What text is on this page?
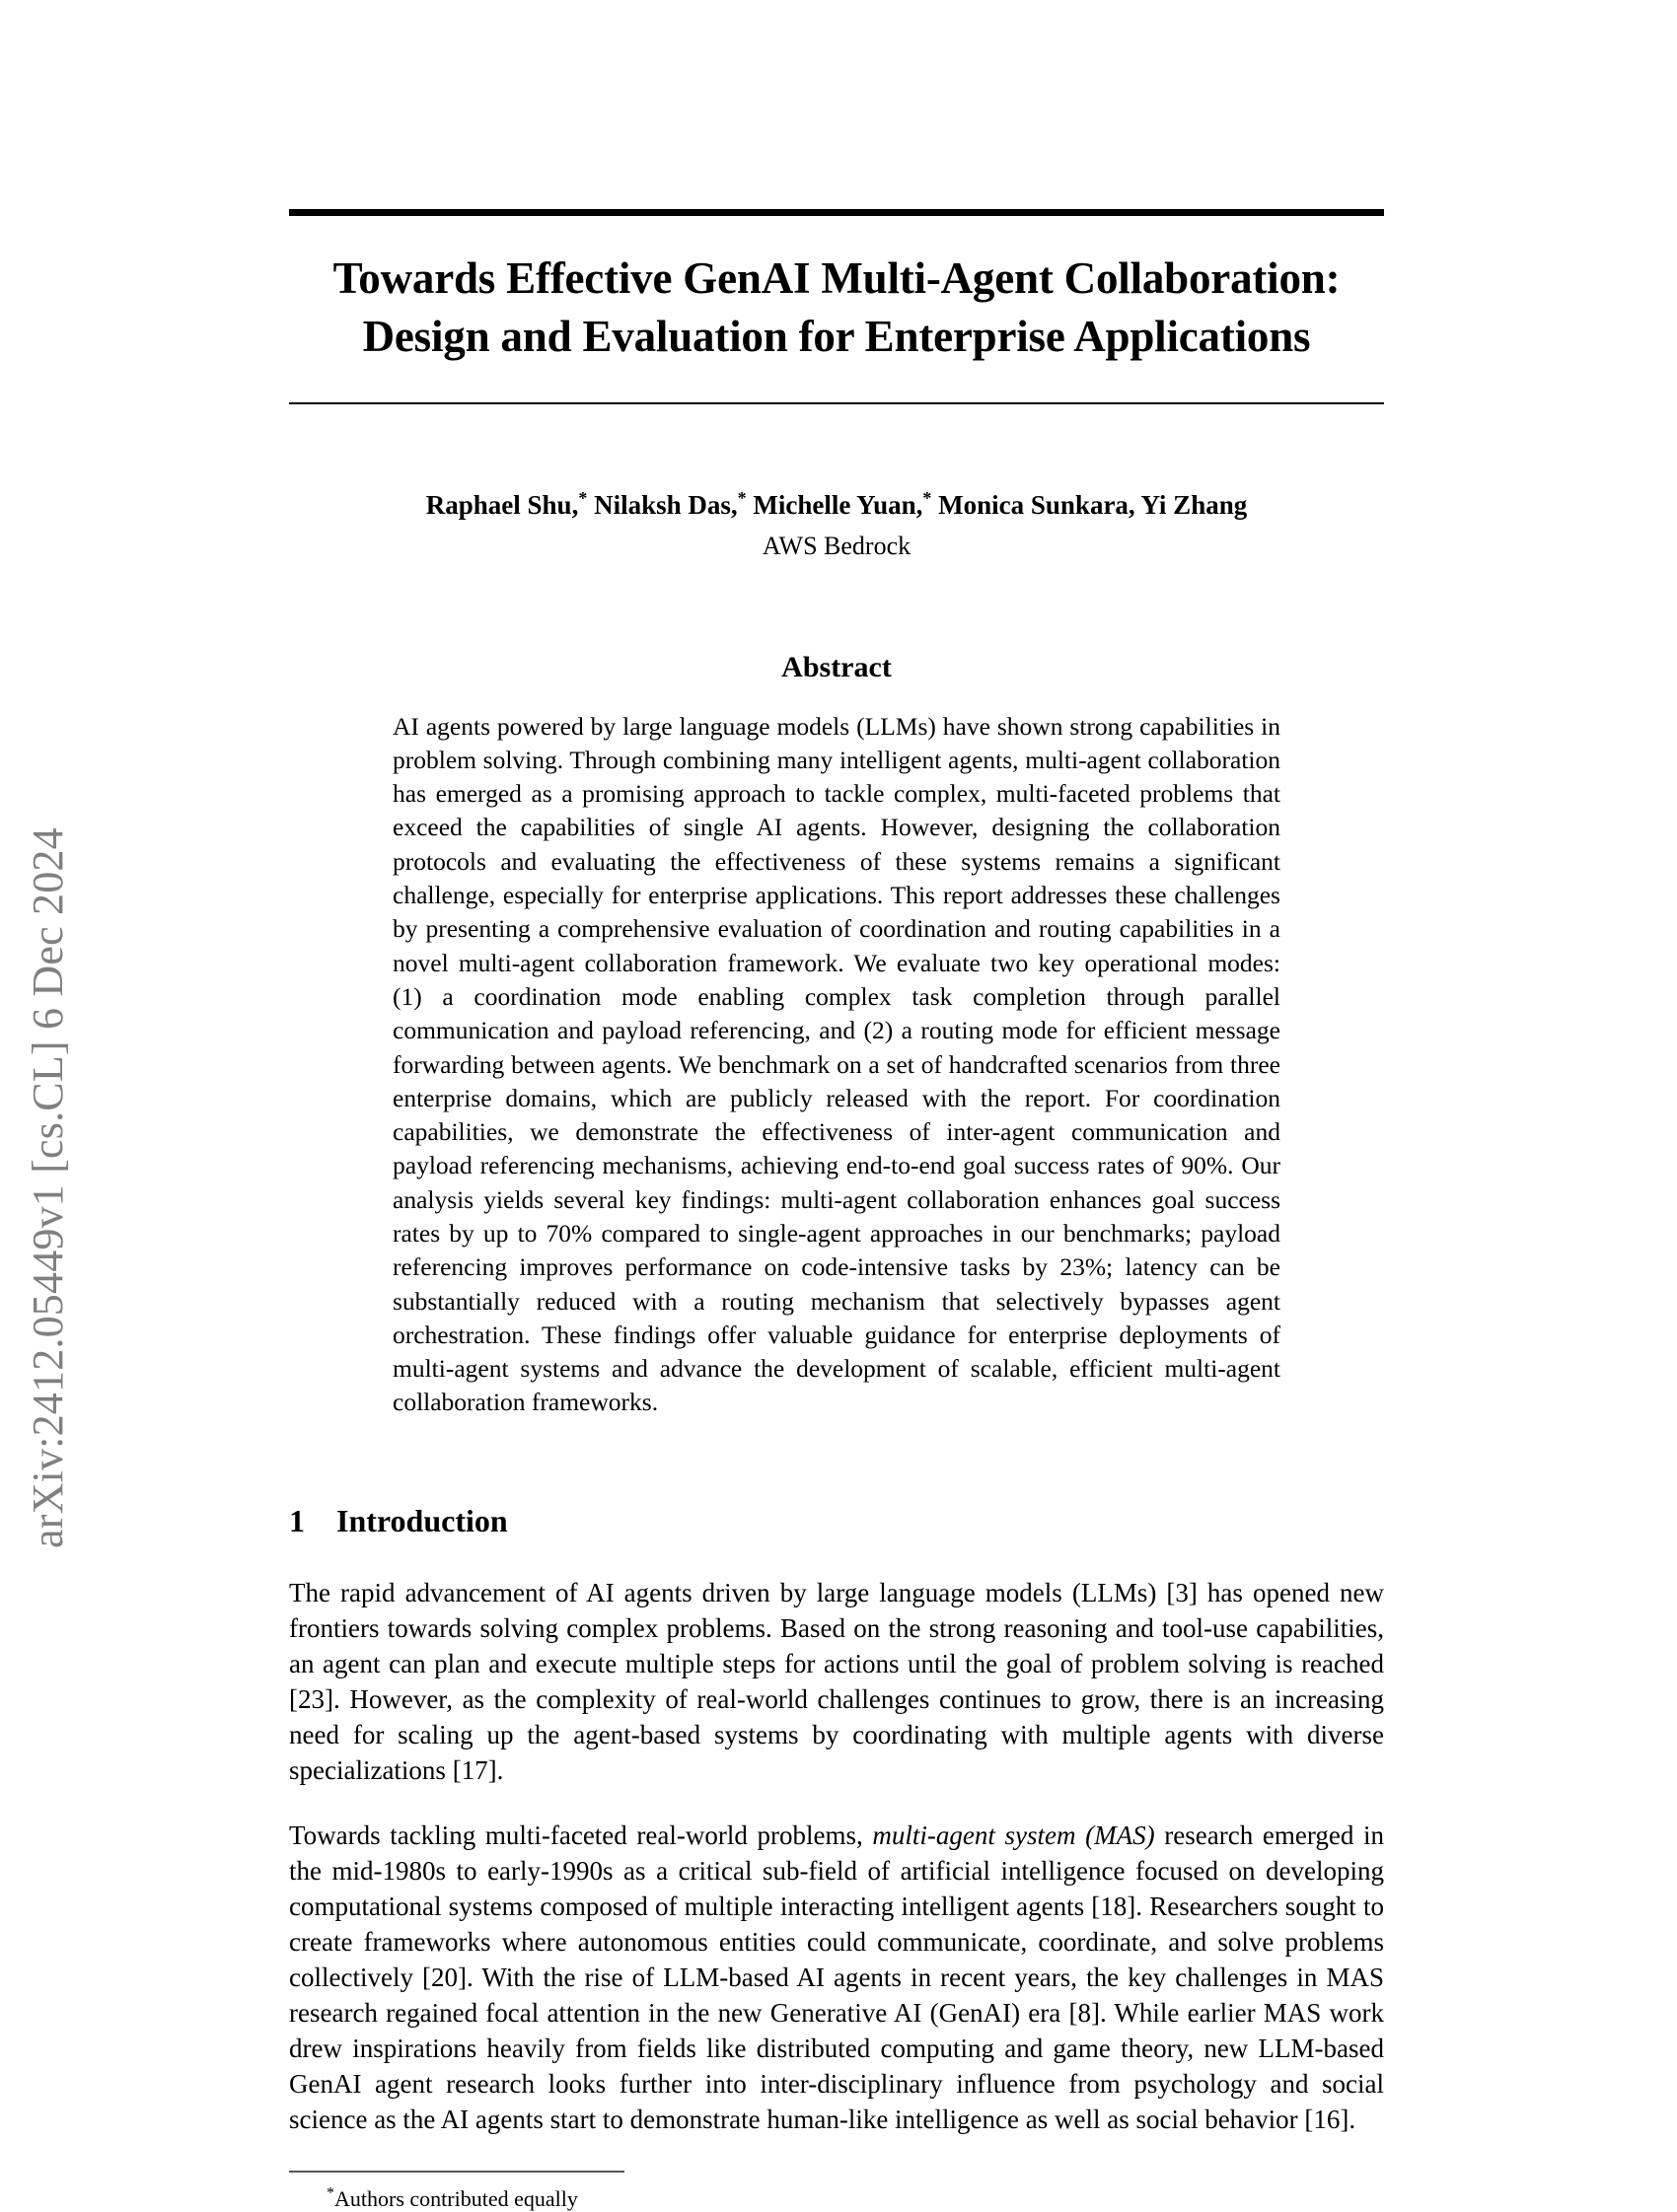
arXiv:2412.05449v1 [cs.CL] 6 Dec 2024
Towards Effective GenAI Multi-Agent Collaboration:
Design and Evaluation for Enterprise Applications
Raphael Shu,* Nilaksh Das,* Michelle Yuan,* Monica Sunkara, Yi Zhang
AWS Bedrock
Abstract

AI agents powered by large language models (LLMs) have shown strong capabilities in problem solving. Through combining many intelligent agents, multi-agent collaboration has emerged as a promising approach to tackle complex, multi-faceted problems that exceed the capabilities of single AI agents. However, designing the collaboration protocols and evaluating the effectiveness of these systems remains a significant challenge, especially for enterprise applications. This report addresses these challenges by presenting a comprehensive evaluation of coordination and routing capabilities in a novel multi-agent collaboration framework. We evaluate two key operational modes: (1) a coordination mode enabling complex task completion through parallel communication and payload referencing, and (2) a routing mode for efficient message forwarding between agents. We benchmark on a set of handcrafted scenarios from three enterprise domains, which are publicly released with the report. For coordination capabilities, we demonstrate the effectiveness of inter-agent communication and payload referencing mechanisms, achieving end-to-end goal success rates of 90%. Our analysis yields several key findings: multi-agent collaboration enhances goal success rates by up to 70% compared to single-agent approaches in our benchmarks; payload referencing improves performance on code-intensive tasks by 23%; latency can be substantially reduced with a routing mechanism that selectively bypasses agent orchestration. These findings offer valuable guidance for enterprise deployments of multi-agent systems and advance the development of scalable, efficient multi-agent collaboration frameworks.

1	Introduction

The rapid advancement of AI agents driven by large language models (LLMs) [3] has opened new frontiers towards solving complex problems. Based on the strong reasoning and tool-use capabilities, an agent can plan and execute multiple steps for actions until the goal of problem solving is reached [23]. However, as the complexity of real-world challenges continues to grow, there is an increasing need for scaling up the agent-based systems by coordinating with multiple agents with diverse specializations [17].

Towards tackling multi-faceted real-world problems, multi-agent system (MAS) research emerged in the mid-1980s to early-1990s as a critical sub-field of artificial intelligence focused on developing computational systems composed of multiple interacting intelligent agents [18]. Researchers sought to create frameworks where autonomous entities could communicate, coordinate, and solve problems collectively [20]. With the rise of LLM-based AI agents in recent years, the key challenges in MAS research regained focal attention in the new Generative AI (GenAI) era [8]. While earlier MAS work drew inspirations heavily from fields like distributed computing and game theory, new LLM-based GenAI agent research looks further into inter-disciplinary influence from psychology and social science as the AI agents start to demonstrate human-like intelligence as well as social behavior [16].

*Authors contributed equally
